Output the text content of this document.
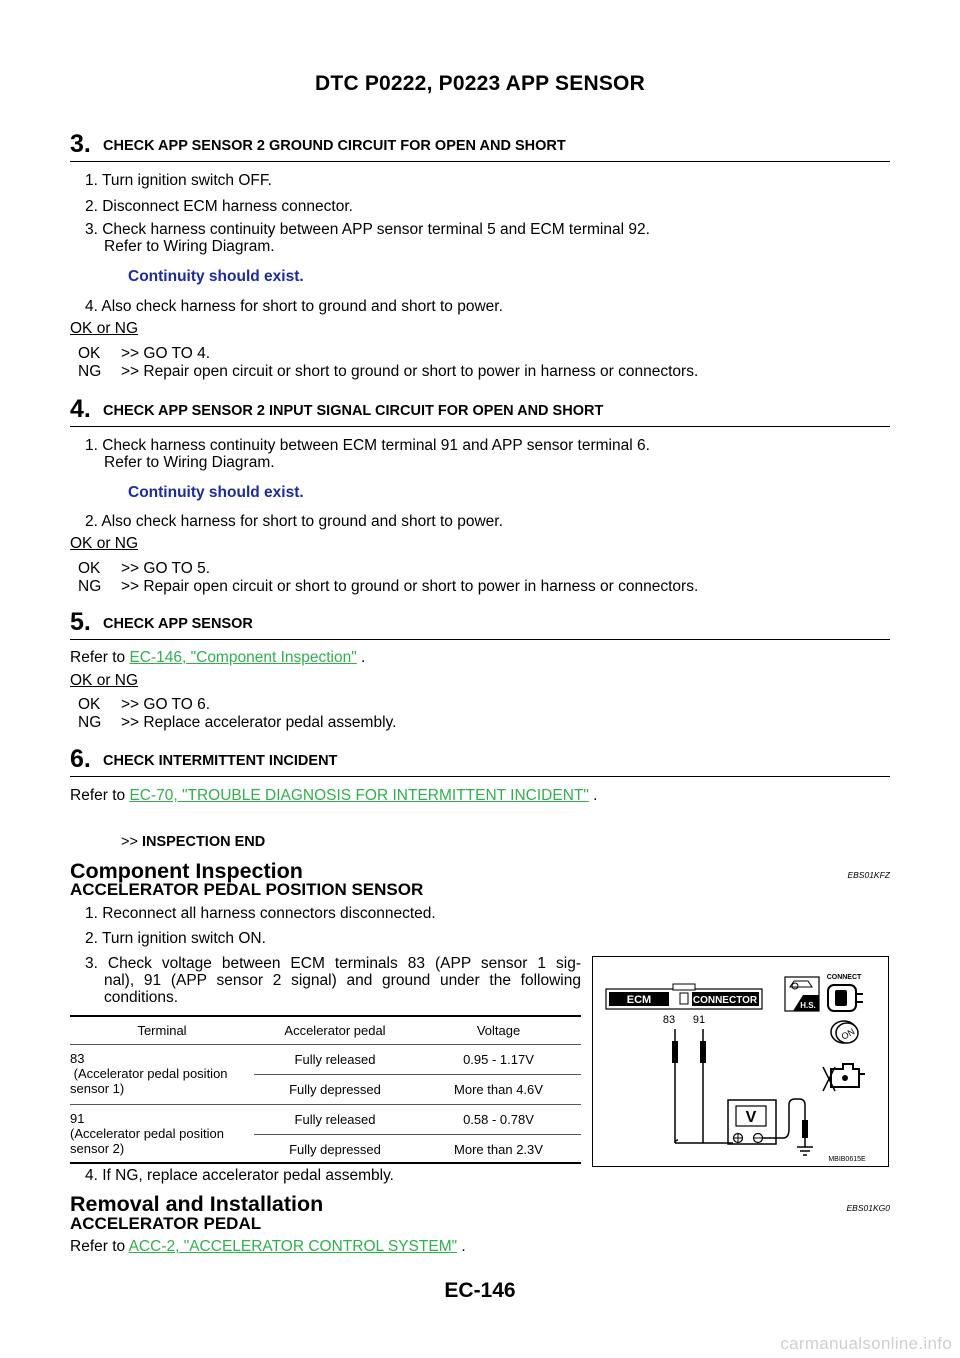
DTC P0222, P0223 APP SENSOR
3. CHECK APP SENSOR 2 GROUND CIRCUIT FOR OPEN AND SHORT
1. Turn ignition switch OFF.
2. Disconnect ECM harness connector.
3. Check harness continuity between APP sensor terminal 5 and ECM terminal 92.
Refer to Wiring Diagram.
Continuity should exist.
4. Also check harness for short to ground and short to power.
OK or NG
OK >> GO TO 4.
NG >> Repair open circuit or short to ground or short to power in harness or connectors.
4. CHECK APP SENSOR 2 INPUT SIGNAL CIRCUIT FOR OPEN AND SHORT
1. Check harness continuity between ECM terminal 91 and APP sensor terminal 6.
Refer to Wiring Diagram.
Continuity should exist.
2. Also check harness for short to ground and short to power.
OK or NG
OK >> GO TO 5.
NG >> Repair open circuit or short to ground or short to power in harness or connectors.
5. CHECK APP SENSOR
Refer to EC-146, "Component Inspection" .
OK or NG
OK >> GO TO 6.
NG >> Replace accelerator pedal assembly.
6. CHECK INTERMITTENT INCIDENT
Refer to EC-70, "TROUBLE DIAGNOSIS FOR INTERMITTENT INCIDENT" .
>> INSPECTION END
Component Inspection	EBS01KFZ
ACCELERATOR PEDAL POSITION SENSOR
1. Reconnect all harness connectors disconnected.
2. Turn ignition switch ON.
3. Check voltage between ECM terminals 83 (APP sensor 1 sig-
nal), 91 (APP sensor 2 signal) and ground under the following
conditions.
Terminal	Accelerator pedal	Voltage

83
(Accelerator pedal position
sensor 1)	Fully released	0.95 - 1.17V
	Fully depressed	More than 4.6V

91
(Accelerator pedal position
sensor 2)	Fully released	0.58 - 0.78V
	Fully depressed	More than 2.3V
4. If NG, replace accelerator pedal assembly.
ECM	CONNECTOR
83 91
V
H.S.
CONNECT
ON
MBIB0615E
Removal and Installation	EBS01KG0
ACCELERATOR PEDAL
Refer to ACC-2, "ACCELERATOR CONTROL SYSTEM" .
EC-146
carmanualsonline.info
